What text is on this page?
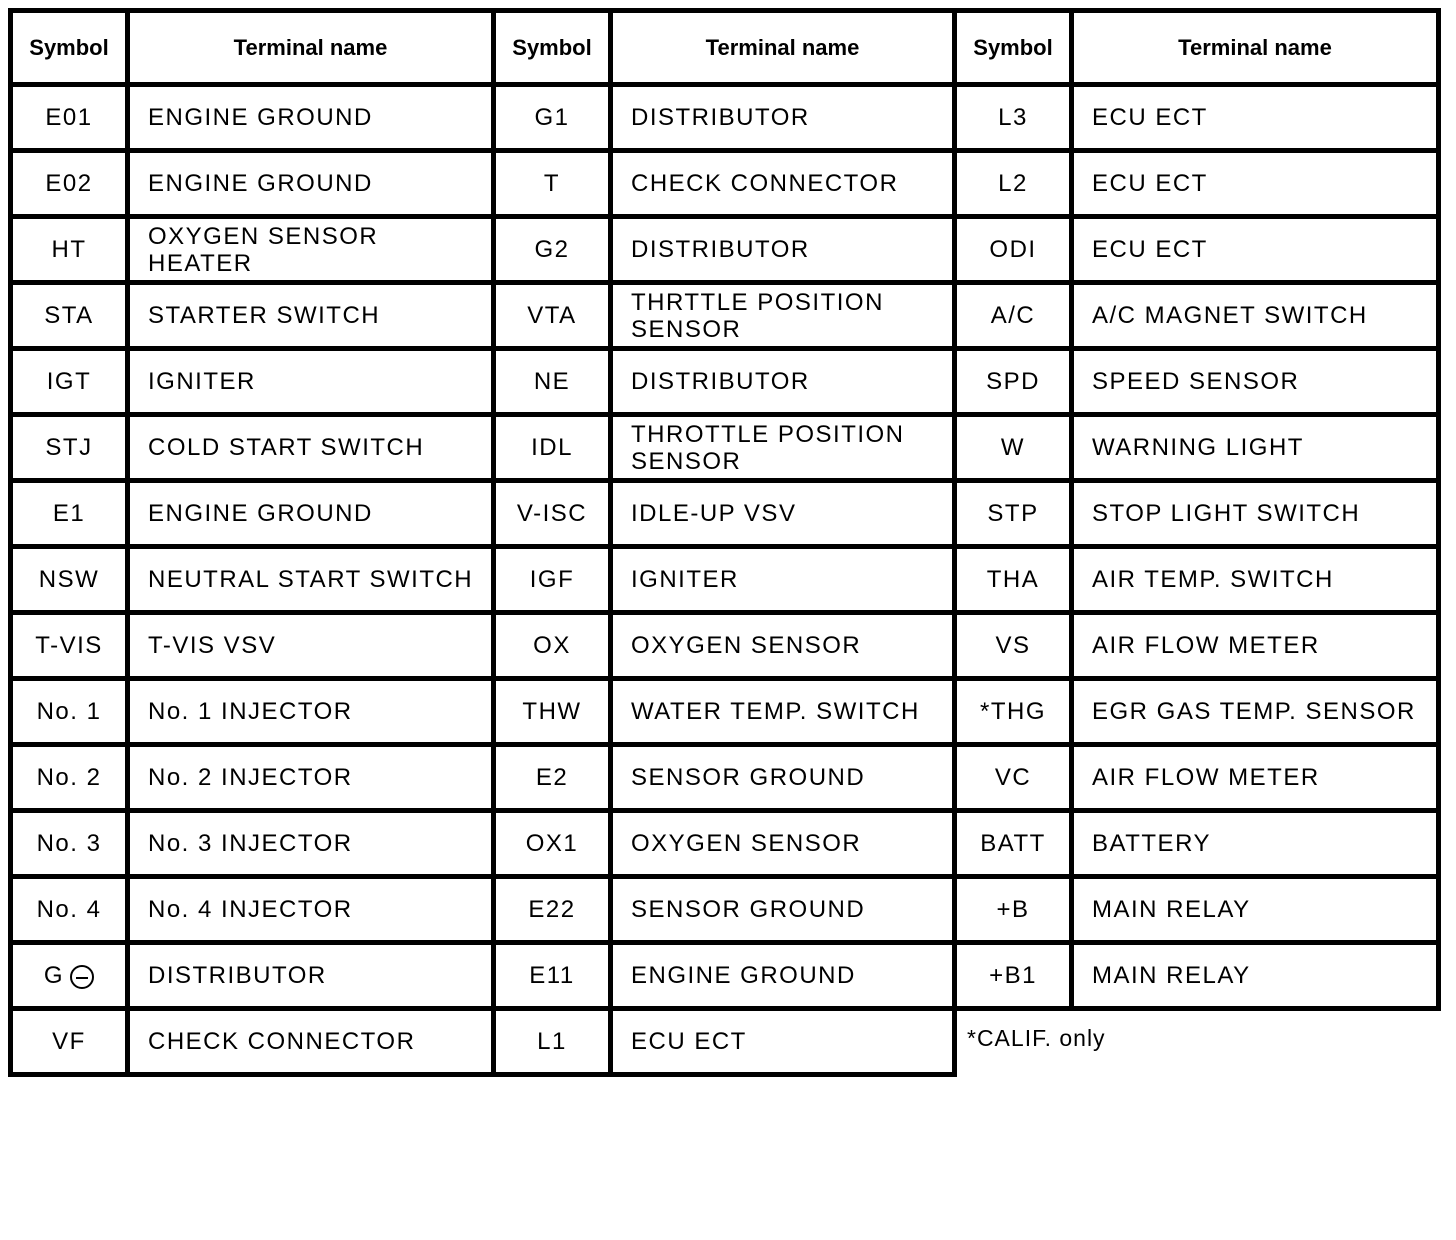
Symbol	Terminal name	Symbol	Terminal name	Symbol	Terminal name
E01	ENGINE GROUND	G1	DISTRIBUTOR	L3	ECU ECT
E02	ENGINE GROUND	T	CHECK CONNECTOR	L2	ECU ECT
HT	OXYGEN SENSOR HEATER	G2	DISTRIBUTOR	ODI	ECU ECT
STA	STARTER SWITCH	VTA	THRTTLE POSITION SENSOR	A/C	A/C MAGNET SWITCH
IGT	IGNITER	NE	DISTRIBUTOR	SPD	SPEED SENSOR
STJ	COLD START SWITCH	IDL	THROTTLE POSITION SENSOR	W	WARNING LIGHT
E1	ENGINE GROUND	V-ISC	IDLE-UP VSV	STP	STOP LIGHT SWITCH
NSW	NEUTRAL START SWITCH	IGF	IGNITER	THA	AIR TEMP. SWITCH
T-VIS	T-VIS VSV	OX	OXYGEN SENSOR	VS	AIR FLOW METER
No. 1	No. 1 INJECTOR	THW	WATER TEMP. SWITCH	*THG	EGR GAS TEMP. SENSOR
No. 2	No. 2 INJECTOR	E2	SENSOR GROUND	VC	AIR FLOW METER
No. 3	No. 3 INJECTOR	OX1	OXYGEN SENSOR	BATT	BATTERY
No. 4	No. 4 INJECTOR	E22	SENSOR GROUND	+B	MAIN RELAY
G	DISTRIBUTOR	E11	ENGINE GROUND	+B1	MAIN RELAY
VF	CHECK CONNECTOR	L1	ECU ECT	*CALIF. only	
